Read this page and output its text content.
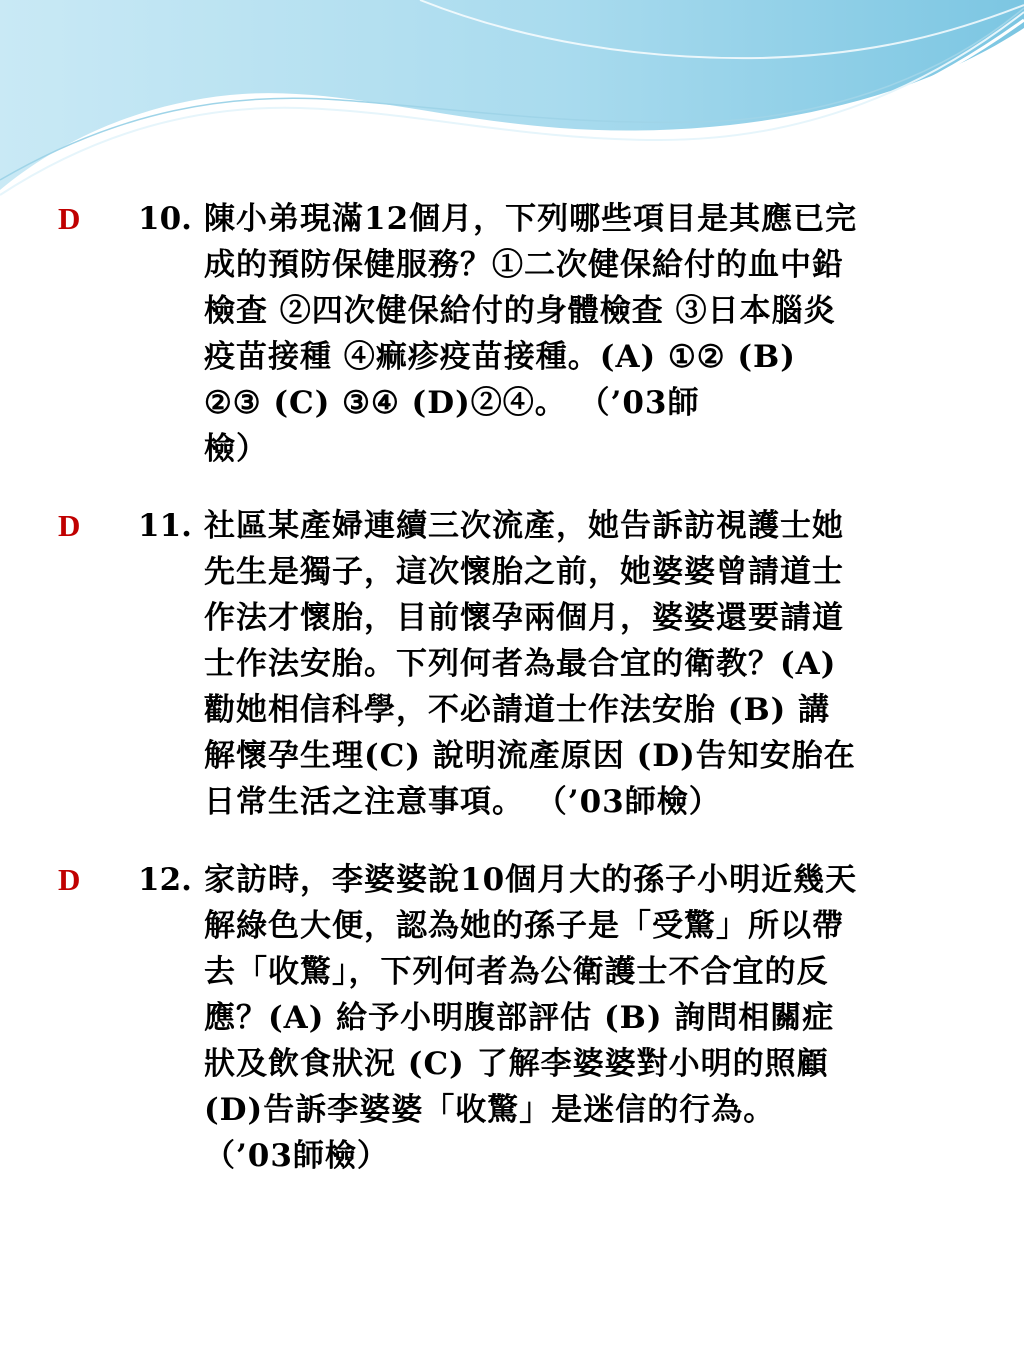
D	10. 陳小弟現滿12個月，下列哪些項目是其應已完
成的預防保健服務？①二次健保給付的血中鉛
檢查 ②四次健保給付的身體檢查 ③日本腦炎
疫苗接種 ④痲疹疫苗接種。(A) ①② (B)
②③ (C) ③④ (D)②④。 （’03師
檢）
D	11. 社區某產婦連續三次流產，她告訴訪視護士她
先生是獨子，這次懷胎之前，她婆婆曾請道士
作法才懷胎，目前懷孕兩個月，婆婆還要請道
士作法安胎。下列何者為最合宜的衛教？(A)
勸她相信科學，不必請道士作法安胎 (B) 講
解懷孕生理(C) 說明流產原因 (D)告知安胎在
日常生活之注意事項。 （’03師檢）
D	12. 家訪時，李婆婆說10個月大的孫子小明近幾天
解綠色大便，認為她的孫子是「受驚」所以帶
去「收驚」，下列何者為公衛護士不合宜的反
應？(A) 給予小明腹部評估 (B) 詢問相關症
狀及飲食狀況 (C) 了解李婆婆對小明的照顧
(D)告訴李婆婆「收驚」是迷信的行為。
（’03師檢）
